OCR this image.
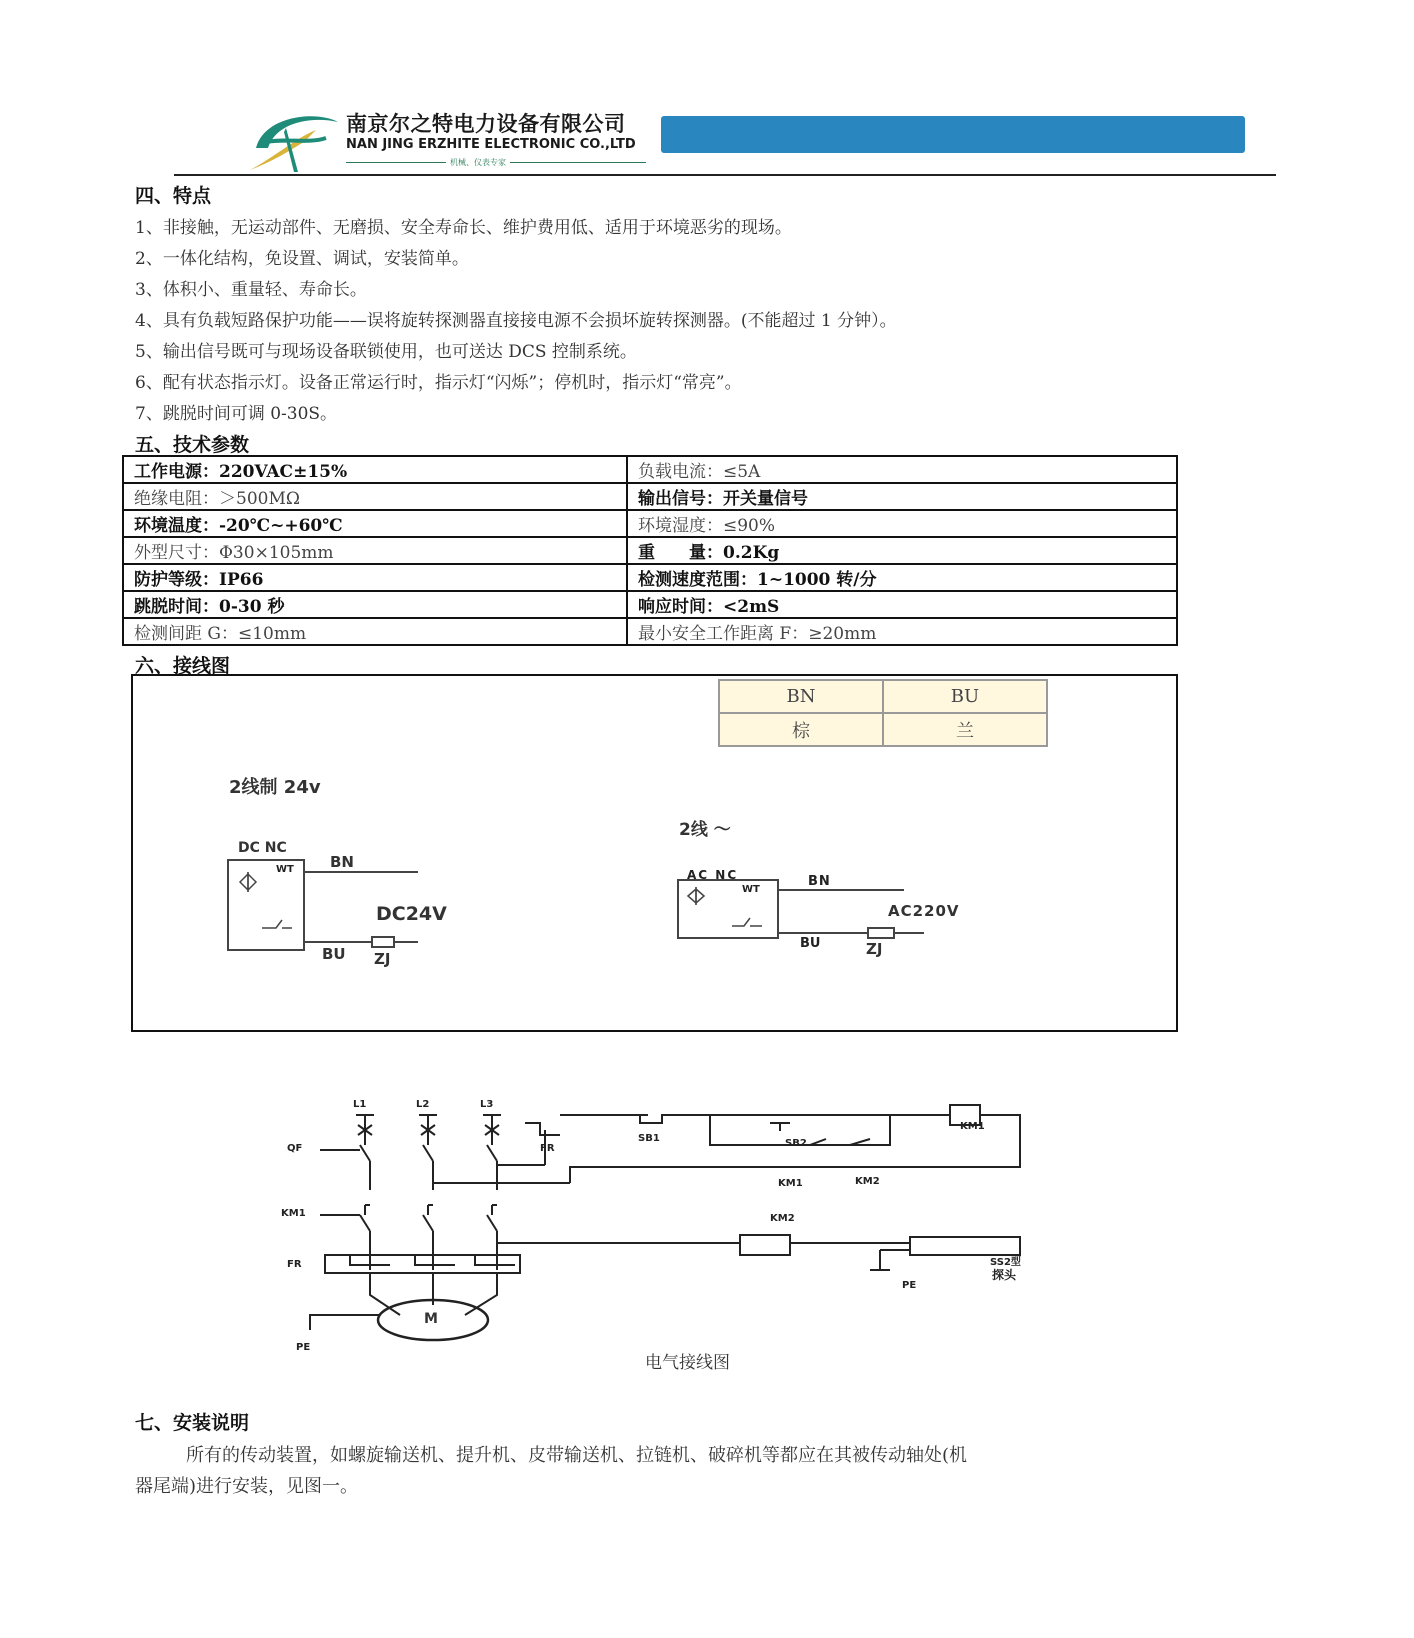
南京尔之特电力设备有限公司
NAN JING ERZHITE ELECTRONIC CO.,LTD
机械、仪表专家
四、特点
1、非接触，无运动部件、无磨损、安全寿命长、维护费用低、适用于环境恶劣的现场。
2、一体化结构，免设置、调试，安装简单。
3、体积小、重量轻、寿命长。
4、具有负载短路保护功能——误将旋转探测器直接接电源不会损坏旋转探测器。(不能超过 1 分钟）。
5、输出信号既可与现场设备联锁使用，也可送达 DCS 控制系统。
6、配有状态指示灯。设备正常运行时，指示灯“闪烁”；停机时，指示灯“常亮”。
7、跳脱时间可调 0-30S。
五、技术参数
工作电源：220VAC±15%	负载电流：≤5A
绝缘电阻：＞500MΩ	输出信号：开关量信号
环境温度：-20℃~+60℃	环境湿度：≤90%
外型尺寸：Φ30×105mm	重　　量：0.2Kg
防护等级：IP66	检测速度范围：1~1000 转/分
跳脱时间：0-30 秒	响应时间：<2mS
检测间距 G：≤10mm	最小安全工作距离 F：≥20mm
六、接线图
BN	BU
棕	兰
2线制 24v
DC NC
WT BN
DC24V
BU ZJ
2线 〜
AC NC
WT
BN
AC220V
BU	ZJ
L1	L2	L3
QF
KM1
FR
FR
SB1	SB2
KM1
KM1	KM2
KM2
SS2型
探头
PE
M
PE
电气接线图
七、安装说明
所有的传动装置，如螺旋输送机、提升机、皮带输送机、拉链机、破碎机等都应在其被传动轴处(机
器尾端)进行安装，见图一。
